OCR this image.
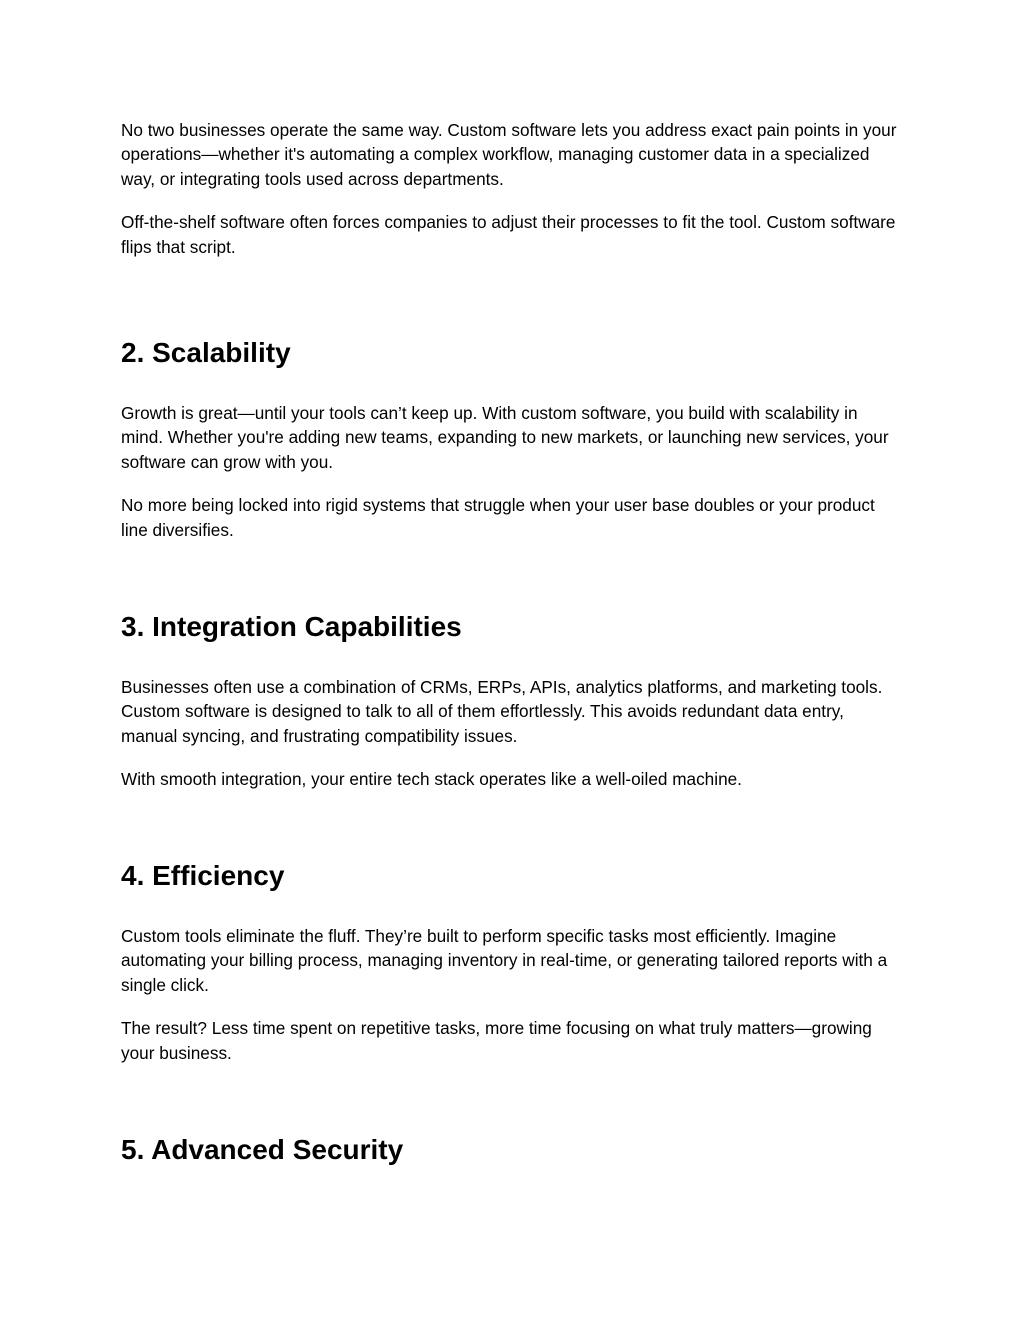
No two businesses operate the same way. Custom software lets you address exact pain points in your operations—whether it's automating a complex workflow, managing customer data in a specialized way, or integrating tools used across departments.

Off-the-shelf software often forces companies to adjust their processes to fit the tool. Custom software flips that script.

2. Scalability

Growth is great—until your tools can’t keep up. With custom software, you build with scalability in mind. Whether you're adding new teams, expanding to new markets, or launching new services, your software can grow with you.

No more being locked into rigid systems that struggle when your user base doubles or your product line diversifies.

3. Integration Capabilities

Businesses often use a combination of CRMs, ERPs, APIs, analytics platforms, and marketing tools. Custom software is designed to talk to all of them effortlessly. This avoids redundant data entry, manual syncing, and frustrating compatibility issues.

With smooth integration, your entire tech stack operates like a well-oiled machine.

4. Efficiency

Custom tools eliminate the fluff. They’re built to perform specific tasks most efficiently. Imagine automating your billing process, managing inventory in real-time, or generating tailored reports with a single click.

The result? Less time spent on repetitive tasks, more time focusing on what truly matters—growing your business.

5. Advanced Security
